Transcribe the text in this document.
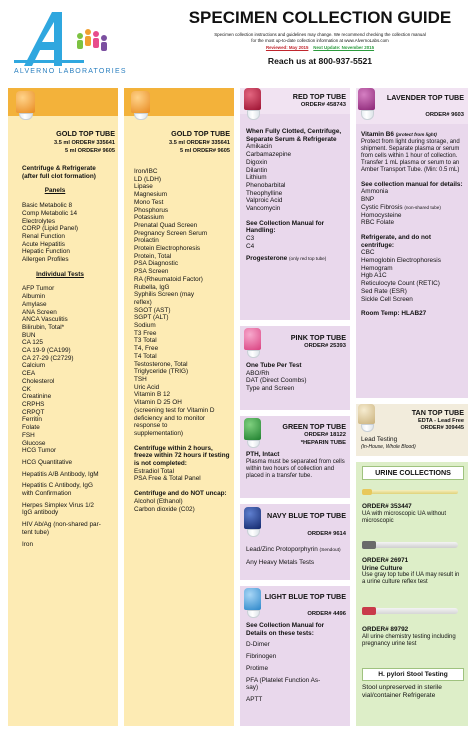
ALVERNO LABORATORIES
SPECIMEN COLLECTION GUIDE
Specimen collection instructions and guidelines may change. We recommend checking the collection manual
for the most up-to-date collection information at www.AlvernoLabs.com
Reviewed: May 2015 Next Update: November 2015
Reach us at 800-937-5521
GOLD TOP TUBE
3.5 ml ORDER# 335641
5 ml ORDER# 9605
Centrifuge & Refrigerate
(after full clot formation)
Panels
Basic Metabolic 8
Comp Metabolic 14
Electrolytes
CORP (Lipid Panel)
Renal Function
Acute Hepatitis
Hepatic Function
Allergen Profiles
Individual Tests
AFP Tumor
Albumin
Amylase
ANA Screen
ANCA Vasculitis
Bilirubin, Total*
BUN
CA 125
CA 19-9 (CA199)
CA 27-29 (C2729)
Calcium
CEA
Cholesterol
CK
Creatinine
CRPHS
CRPQT
Ferritin
Folate
FSH
Glucose
HCG Tumor
HCG Quantitative
Hepatitis A/B Antibody, IgM
Hepatitis C Antibody, IgG
with Confirmation
Herpes Simplex Virus 1/2
IgG antibody
HIV Ab/Ag (non-shared par-
tent tube)
Iron
GOLD TOP TUBE
3.5 ml ORDER# 335641
5 ml ORDER# 9605
Iron/IBC
LD (LDH)
Lipase
Magnesium
Mono Test
Phosphorus
Potassium
Prenatal Quad Screen
Pregnancy Screen Serum
Prolactin
Protein Electrophoresis
Protein, Total
PSA Diagnostic
PSA Screen
RA (Rheumatoid Factor)
Rubella, IgG
Syphilis Screen (may
reflex)
SGOT (AST)
SGPT (ALT)
Sodium
T3 Free
T3 Total
T4, Free
T4 Total
Testosterone, Total
Triglyceride (TRIG)
TSH
Uric Acid
Vitamin B 12
Vitamin D 25 OH
(screening test for Vitamin D
deficiency and to monitor
response to
supplementation)
Centrifuge within 2 hours, freeze within 72 hours if testing is not completed:
Estradiol Total
PSA Free & Total Panel
Centrifuge and do NOT uncap:
Alcohol (Ethanol)
Carbon dioxide (C02)
RED TOP TUBE
ORDER# 458743
When Fully Clotted, Centrifuge, Separate Serum & Refrigerate
Amikacin
Carbamazepine
Digoxin
Dilantin
Lithium
Phenobarbital
Theophylline
Valproic Acid
Vancomycin
See Collection Manual for Handling:
C3
C4
Progesterone (only red top tube)
PINK TOP TUBE
ORDER# 25393
One Tube Per Test
ABO/Rh
DAT (Direct Coombs)
Type and Screen
GREEN TOP TUBE
ORDER# 18122
*HEPARIN TUBE
PTH, Intact
Plasma must be separated from cells within two hours of collection and placed in a transfer tube.
NAVY BLUE TOP TUBE
ORDER# 9614
Lead/Zinc Protoporphyrin (Sendout)
Any Heavy Metals Tests
LIGHT BLUE TOP TUBE
ORDER# 4496
See Collection Manual for Details on these tests:
D-Dimer
Fibrinogen
Protime
PFA (Platelet Function As-
say)
APTT
LAVENDER TOP TUBE
ORDER# 9603
Vitamin B6 (protect from light)
Protect from light during storage, and shipment. Separate plasma or serum from cells within 1 hour of collection. Transfer 1 mL plasma or serum to an Amber Transport Tube. (Min: 0.5 mL)
See collection manual for details:
Ammonia
BNP
Cystic Fibrosis (non-shared tube)
Homocysteine
RBC Folate
Refrigerate, and do not centrifuge:
CBC
Hemoglobin Electrophoresis
Hemogram
Hgb A1C
Reticulocyte Count (RETIC)
Sed Rate (ESR)
Sickle Cell Screen
Room Temp: HLAB27
TAN TOP TUBE
EDTA - Lead Free
ORDER# 309445
Lead Testing
(In-House, Whole Blood)
URINE COLLECTIONS
ORDER# 353447
UA with microscopic UA without microscopic
ORDER# 26971
Urine Culture
Use gray top tube if UA may result in a urine culture reflex test
ORDER# 89792
All urine chemistry testing including pregnancy urine test
H. pylori Stool Testing
Stool unpreserved in sterile vial/container Refrigerate
